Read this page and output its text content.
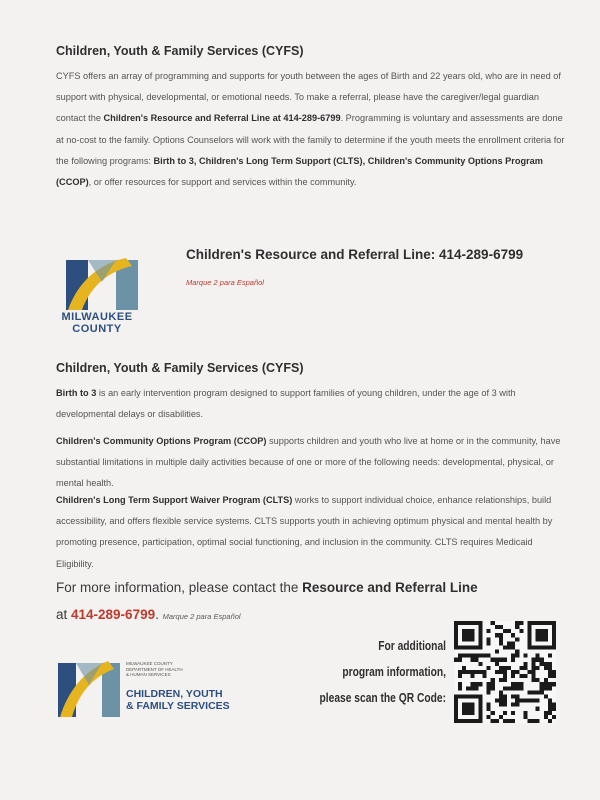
Children, Youth & Family Services (CYFS)
CYFS offers an array of programming and supports for youth between the ages of Birth and 22 years old, who are in need of support with physical, developmental, or emotional needs. To make a referral, please have the caregiver/legal guardian contact the Children's Resource and Referral Line at 414-289-6799. Programming is voluntary and assessments are done at no-cost to the family. Options Counselors will work with the family to determine if the youth meets the enrollment criteria for the following programs: Birth to 3, Children's Long Term Support (CLTS), Children's Community Options Program (CCOP), or offer resources for support and services within the community.
MILWAUKEE
COUNTY
Children's Resource and Referral Line: 414-289-6799
Marque 2 para Español
Children, Youth & Family Services (CYFS)
Birth to 3 is an early intervention program designed to support families of young children, under the age of 3 with developmental delays or disabilities.
Children's Community Options Program (CCOP) supports children and youth who live at home or in the community, have substantial limitations in multiple daily activities because of one or more of the following needs: developmental, physical, or mental health.
Children's Long Term Support Waiver Program (CLTS) works to support individual choice, enhance relationships, build accessibility, and offers flexible service systems. CLTS supports youth in achieving optimum physical and mental health by promoting presence, participation, optimal social functioning, and inclusion in the community. CLTS requires Medicaid Eligibility.
For more information, please contact the Resource and Referral Line
at 414-289-6799. Marque 2 para Español
MILWAUKEE COUNTY
DEPARTMENT OF HEALTH
& HUMAN SERVICES
CHILDREN, YOUTH
& FAMILY SERVICES
For additional
program information,
please scan the QR Code:
